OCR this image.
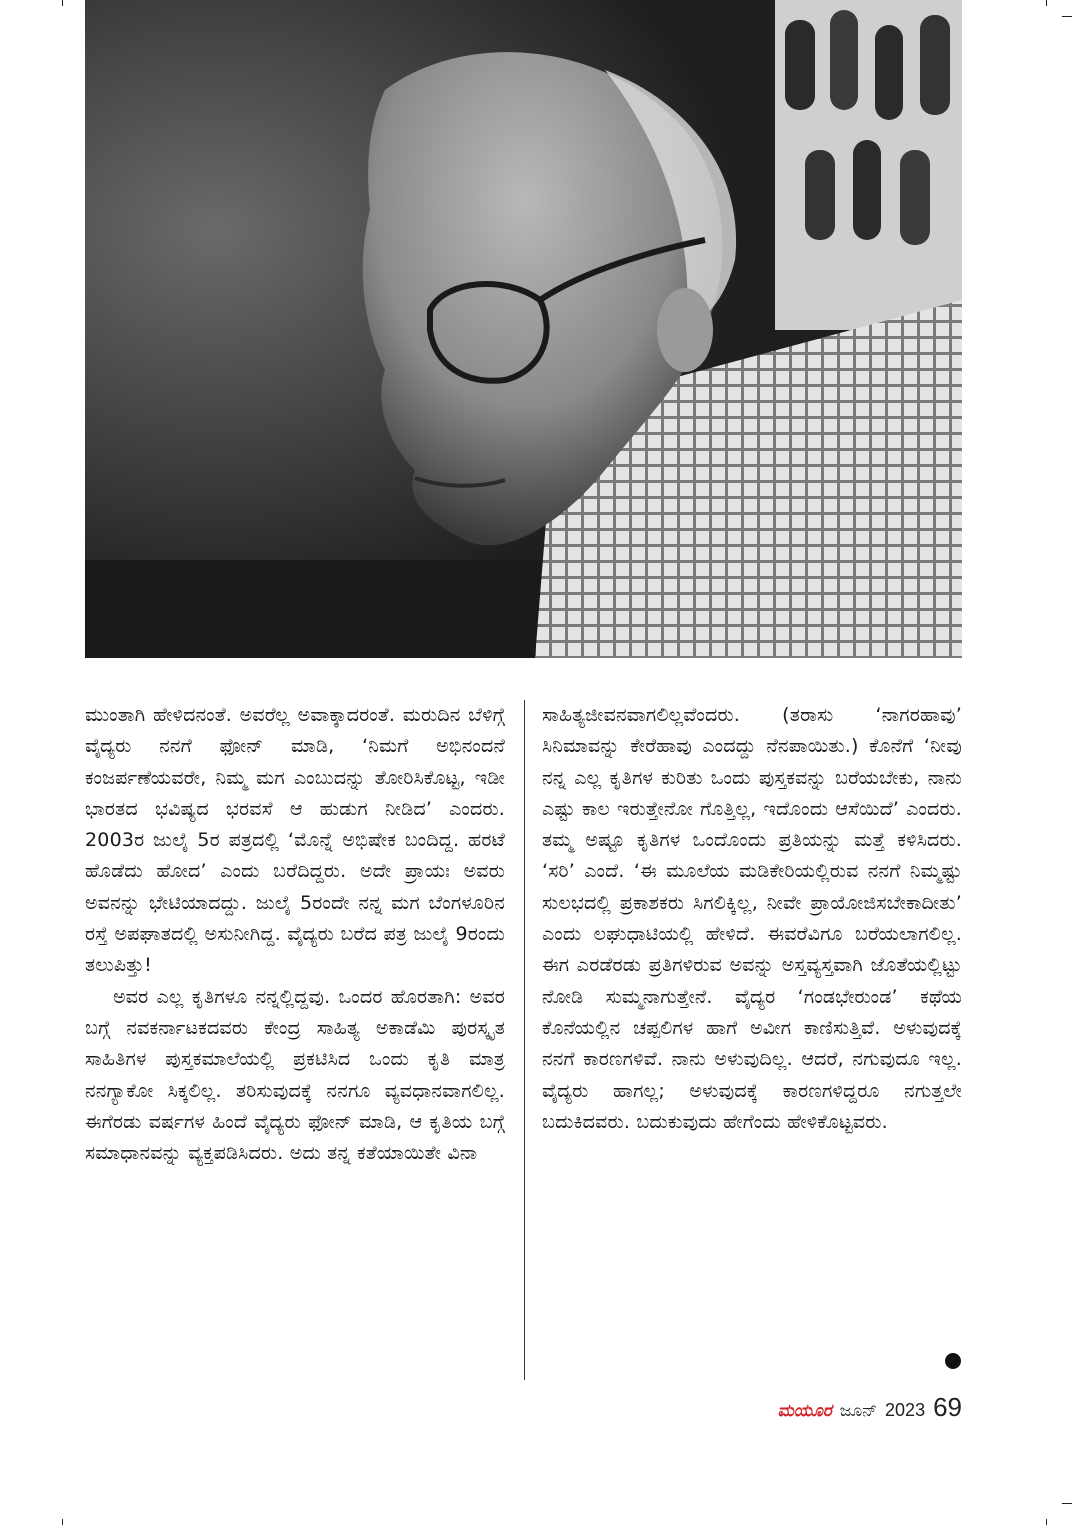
ಮುಂತಾಗಿ ಹೇಳಿದನಂತೆ. ಅವರೆಲ್ಲ ಅವಾಕ್ಕಾದರಂತೆ. ಮರುದಿನ ಬೆಳಿಗ್ಗೆ ವೈದ್ಯರು ನನಗೆ ಫೋನ್ ಮಾಡಿ, ‘ನಿಮಗೆ ಅಭಿನಂದನೆ ಕಂಜರ್ಪಣೆಯವರೇ, ನಿಮ್ಮ ಮಗ ಎಂಬುದನ್ನು ತೋರಿಸಿಕೊಟ್ಟ, ಇಡೀ ಭಾರತದ ಭವಿಷ್ಯದ ಭರವಸೆ ಆ ಹುಡುಗ ನೀಡಿದ’ ಎಂದರು. 2003ರ ಜುಲೈ 5ರ ಪತ್ರದಲ್ಲಿ ‘ಮೊನ್ನೆ ಅಭಿಷೇಕ ಬಂದಿದ್ದ. ಹರಟೆ ಹೊಡೆದು ಹೋದ’ ಎಂದು ಬರೆದಿದ್ದರು. ಅದೇ ಪ್ರಾಯಃ ಅವರು ಅವನನ್ನು ಭೇಟಿಯಾದದ್ದು. ಜುಲೈ 5ರಂದೇ ನನ್ನ ಮಗ ಬೆಂಗಳೂರಿನ ರಸ್ತೆ ಅಪಘಾತದಲ್ಲಿ ಅಸುನೀಗಿದ್ದ. ವೈದ್ಯರು ಬರೆದ ಪತ್ರ ಜುಲೈ 9ರಂದು ತಲುಪಿತ್ತು!

ಅವರ ಎಲ್ಲ ಕೃತಿಗಳೂ ನನ್ನಲ್ಲಿದ್ದವು. ಒಂದರ ಹೊರತಾಗಿ: ಅವರ ಬಗ್ಗೆ ನವಕರ್ನಾಟಕದವರು ಕೇಂದ್ರ ಸಾಹಿತ್ಯ ಅಕಾಡೆಮಿ ಪುರಸ್ಕೃತ ಸಾಹಿತಿಗಳ ಪುಸ್ತಕಮಾಲೆಯಲ್ಲಿ ಪ್ರಕಟಿಸಿದ ಒಂದು ಕೃತಿ ಮಾತ್ರ ನನಗ್ಯಾಕೋ ಸಿಕ್ಕಲಿಲ್ಲ. ತರಿಸುವುದಕ್ಕೆ ನನಗೂ ವ್ಯವಧಾನವಾಗಲಿಲ್ಲ. ಈಗೆರಡು ವರ್ಷಗಳ ಹಿಂದೆ ವೈದ್ಯರು ಫೋನ್ ಮಾಡಿ, ಆ ಕೃತಿಯ ಬಗ್ಗೆ ಸಮಾಧಾನವನ್ನು ವ್ಯಕ್ತಪಡಿಸಿದರು. ಅದು ತನ್ನ ಕತೆಯಾಯಿತೇ ವಿನಾ

ಸಾಹಿತ್ಯಜೀವನವಾಗಲಿಲ್ಲವೆಂದರು. (ತರಾಸು ‘ನಾಗರಹಾವು’ ಸಿನಿಮಾವನ್ನು ಕೇರೆಹಾವು ಎಂದದ್ದು ನೆನಪಾಯಿತು.) ಕೊನೆಗೆ ‘ನೀವು ನನ್ನ ಎಲ್ಲ ಕೃತಿಗಳ ಕುರಿತು ಒಂದು ಪುಸ್ತಕವನ್ನು ಬರೆಯಬೇಕು, ನಾನು ಎಷ್ಟು ಕಾಲ ಇರುತ್ತೇನೋ ಗೊತ್ತಿಲ್ಲ, ಇದೊಂದು ಆಸೆಯಿದೆ’ ಎಂದರು. ತಮ್ಮ ಅಷ್ಟೂ ಕೃತಿಗಳ ಒಂದೊಂದು ಪ್ರತಿಯನ್ನು ಮತ್ತೆ ಕಳಿಸಿದರು. ‘ಸರಿ’ ಎಂದೆ. ‘ಈ ಮೂಲೆಯ ಮಡಿಕೇರಿಯಲ್ಲಿರುವ ನನಗೆ ನಿಮ್ಮಷ್ಟು ಸುಲಭದಲ್ಲಿ ಪ್ರಕಾಶಕರು ಸಿಗಲಿಕ್ಕಿಲ್ಲ, ನೀವೇ ಪ್ರಾಯೋಜಿಸಬೇಕಾದೀತು’ ಎಂದು ಲಘುಧಾಟಿಯಲ್ಲಿ ಹೇಳಿದೆ. ಈವರೆವಿಗೂ ಬರೆಯಲಾಗಲಿಲ್ಲ. ಈಗ ಎರಡೆರಡು ಪ್ರತಿಗಳಿರುವ ಅವನ್ನು ಅಸ್ತವ್ಯಸ್ತವಾಗಿ ಜೊತೆಯಲ್ಲಿಟ್ಟು ನೋಡಿ ಸುಮ್ಮನಾಗುತ್ತೇನೆ. ವೈದ್ಯರ ‘ಗಂಡಭೇರುಂಡ’ ಕಥೆಯ ಕೊನೆಯಲ್ಲಿನ ಚಪ್ಪಲಿಗಳ ಹಾಗೆ ಅವೀಗ ಕಾಣಿಸುತ್ತಿವೆ. ಅಳುವುದಕ್ಕೆ ನನಗೆ ಕಾರಣಗಳಿವೆ. ನಾನು ಅಳುವುದಿಲ್ಲ. ಆದರೆ, ನಗುವುದೂ ಇಲ್ಲ. ವೈದ್ಯರು ಹಾಗಲ್ಲ; ಅಳುವುದಕ್ಕೆ ಕಾರಣಗಳಿದ್ದರೂ ನಗುತ್ತಲೇ ಬದುಕಿದವರು. ಬದುಕುವುದು ಹೇಗೆಂದು ಹೇಳಿಕೊಟ್ಟವರು.

ಮಯೂರ ಜೂನ್ 2023 69
